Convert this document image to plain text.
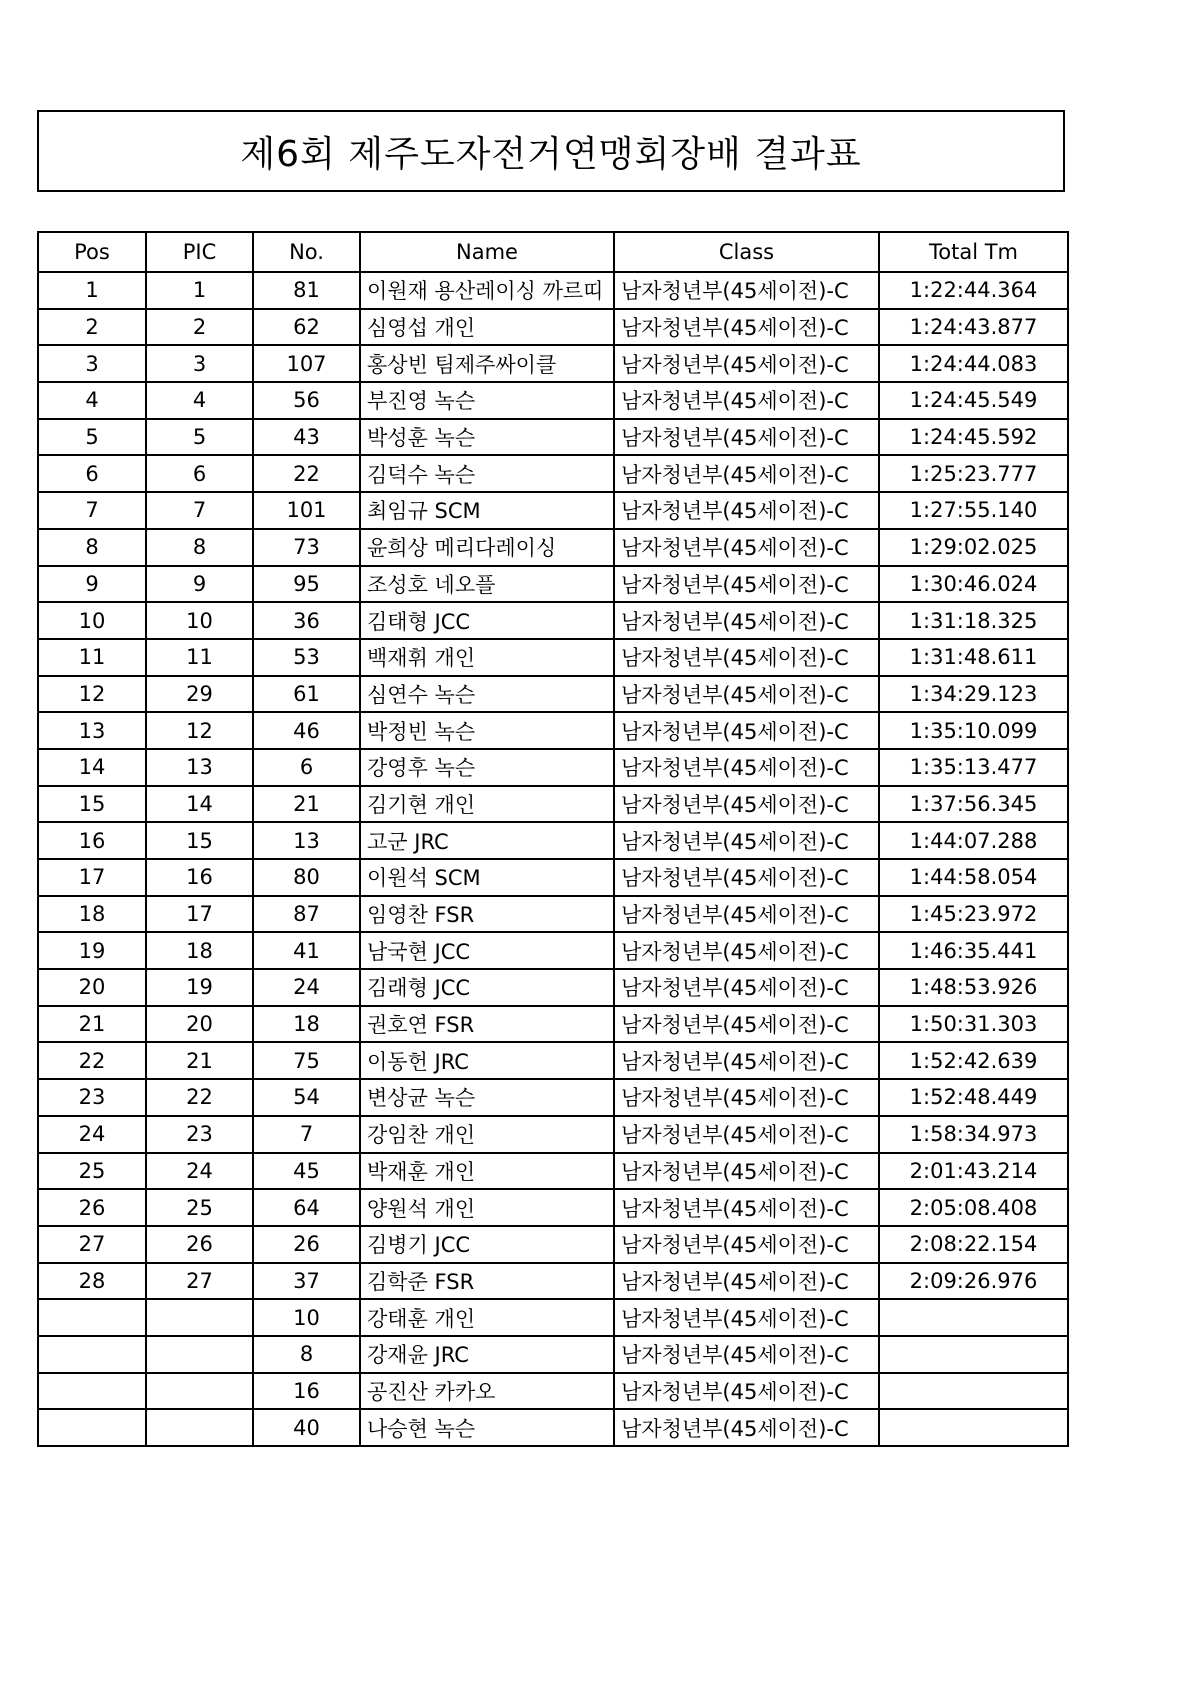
제6회 제주도자전거연맹회장배 결과표
Pos	PIC	No.	Name	Class	Total Tm
1	1	81	이원재 용산레이싱 까르띠	남자청년부(45세이전)-C	1:22:44.364
2	2	62	심영섭 개인	남자청년부(45세이전)-C	1:24:43.877
3	3	107	홍상빈 팀제주싸이클	남자청년부(45세이전)-C	1:24:44.083
4	4	56	부진영 녹슨	남자청년부(45세이전)-C	1:24:45.549
5	5	43	박성훈 녹슨	남자청년부(45세이전)-C	1:24:45.592
6	6	22	김덕수 녹슨	남자청년부(45세이전)-C	1:25:23.777
7	7	101	최임규 SCM	남자청년부(45세이전)-C	1:27:55.140
8	8	73	윤희상 메리다레이싱	남자청년부(45세이전)-C	1:29:02.025
9	9	95	조성호 네오플	남자청년부(45세이전)-C	1:30:46.024
10	10	36	김태형 JCC	남자청년부(45세이전)-C	1:31:18.325
11	11	53	백재휘 개인	남자청년부(45세이전)-C	1:31:48.611
12	29	61	심연수 녹슨	남자청년부(45세이전)-C	1:34:29.123
13	12	46	박정빈 녹슨	남자청년부(45세이전)-C	1:35:10.099
14	13	6	강영후 녹슨	남자청년부(45세이전)-C	1:35:13.477
15	14	21	김기현 개인	남자청년부(45세이전)-C	1:37:56.345
16	15	13	고군 JRC	남자청년부(45세이전)-C	1:44:07.288
17	16	80	이원석 SCM	남자청년부(45세이전)-C	1:44:58.054
18	17	87	임영찬 FSR	남자청년부(45세이전)-C	1:45:23.972
19	18	41	남국현 JCC	남자청년부(45세이전)-C	1:46:35.441
20	19	24	김래형 JCC	남자청년부(45세이전)-C	1:48:53.926
21	20	18	권호연 FSR	남자청년부(45세이전)-C	1:50:31.303
22	21	75	이동헌 JRC	남자청년부(45세이전)-C	1:52:42.639
23	22	54	변상균 녹슨	남자청년부(45세이전)-C	1:52:48.449
24	23	7	강임찬 개인	남자청년부(45세이전)-C	1:58:34.973
25	24	45	박재훈 개인	남자청년부(45세이전)-C	2:01:43.214
26	25	64	양원석 개인	남자청년부(45세이전)-C	2:05:08.408
27	26	26	김병기 JCC	남자청년부(45세이전)-C	2:08:22.154
28	27	37	김학준 FSR	남자청년부(45세이전)-C	2:09:26.976
		10	강태훈 개인	남자청년부(45세이전)-C	
		8	강재윤 JRC	남자청년부(45세이전)-C	
		16	공진산 카카오	남자청년부(45세이전)-C	
		40	나승현 녹슨	남자청년부(45세이전)-C	
